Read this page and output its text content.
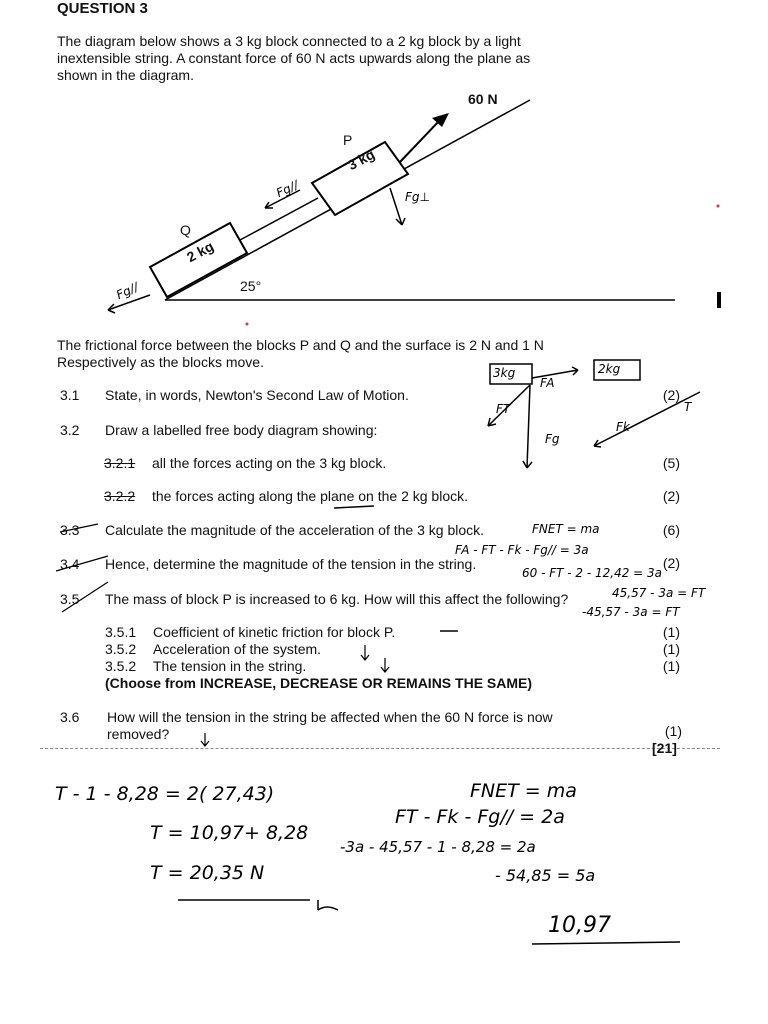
QUESTION 3
The diagram below shows a 3 kg block connected to a 2 kg block by a light
inextensible string. A constant force of 60 N acts upwards along the plane as
shown in the diagram.
60 N
P
3 kg
Q
2 kg
25°
Fg//	Fg⊥
Fg//
The frictional force between the blocks P and Q and the surface is 2 N and 1 N
Respectively as the blocks move.
3kg	2kg
FA
FT
Fg
Fk
T
3.1 State, in words, Newton's Second Law of Motion.	(2)
3.2 Draw a labelled free body diagram showing:
3.2.1 all the forces acting on the 3 kg block.	(5)
3.2.2 the forces acting along the plane on the 2 kg block.	(2)
3.3 Calculate the magnitude of the acceleration of the 3 kg block.	(6)
3.4 Hence, determine the magnitude of the tension in the string.	(2)
3.5 The mass of block P is increased to 6 kg. How will this affect the following?
3.5.1 Coefficient of kinetic friction for block P.	(1)
3.5.2 Acceleration of the system.	(1)
3.5.2 The tension in the string.	(1)
(Choose from INCREASE, DECREASE OR REMAINS THE SAME)
3.6 How will the tension in the string be affected when the 60 N force is now
removed?	(1)
[21]
FNET = ma
FA - FT - Fk - Fg// = 3a
60 - FT - 2 - 12,42 = 3a
45,57 - 3a = FT
-45,57 - 3a = FT
T - 1 - 8,28 = 2( 27,43)
T = 10,97+ 8,28
T = 20,35 N
FNET = ma
FT - Fk - Fg// = 2a
-3a - 45,57 - 1 - 8,28 = 2a
- 54,85 = 5a
10,97
